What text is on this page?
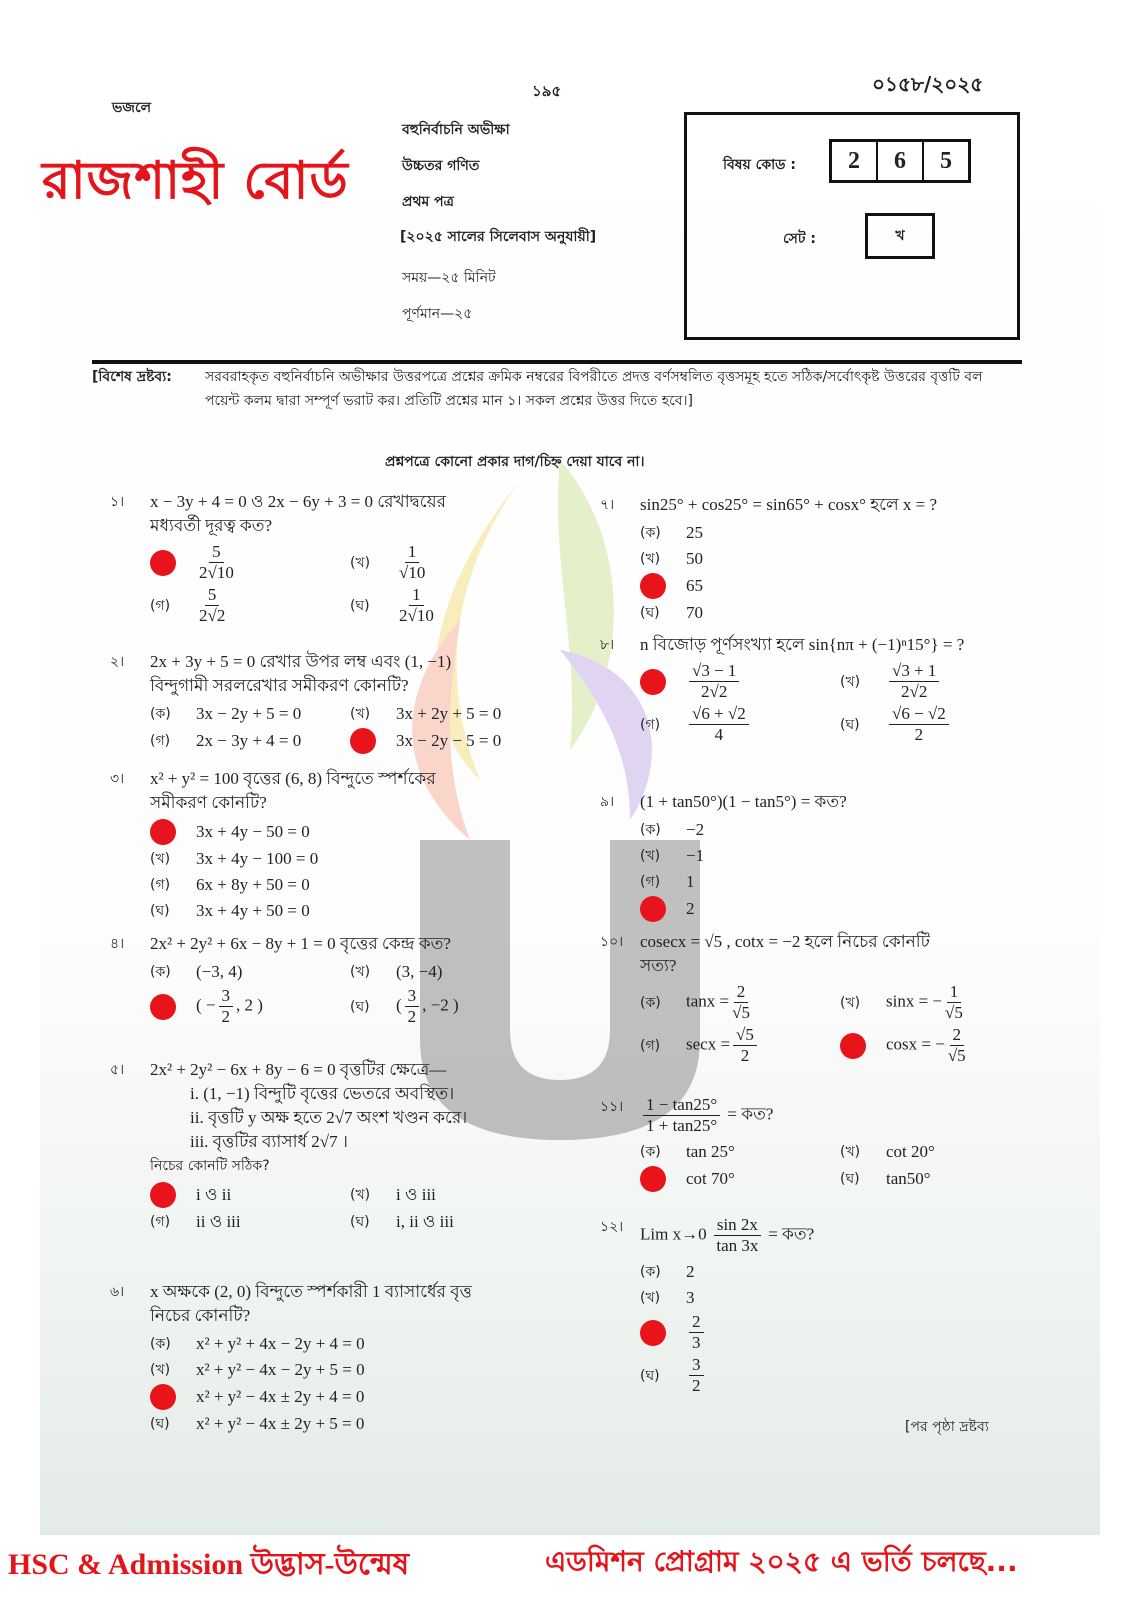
ভজলে
১৯৫
রাজশাহী বোর্ড
বহুনির্বাচনি অভীক্ষা
উচ্চতর গণিত
প্রথম পত্র
[২০২৫ সালের সিলেবাস অনুযায়ী]
সময়—২৫ মিনিট
পূর্ণমান—২৫
০১৫৮/২০২৫
বিষয় কোড :	2	6	5
সেট :	খ
[বিশেষ দ্রষ্টব্য: সরবরাহকৃত বহুনির্বাচনি অভীক্ষার উত্তরপত্রে প্রশ্নের ক্রমিক নম্বরের বিপরীতে প্রদত্ত বর্ণসম্বলিত বৃত্তসমূহ হতে সঠিক/সর্বোৎকৃষ্ট উত্তরের বৃত্তটি বল পয়েন্ট কলম দ্বারা সম্পূর্ণ ভরাট কর। প্রতিটি প্রশ্নের মান ১। সকল প্রশ্নের উত্তর দিতে হবে।]
প্রশ্নপত্রে কোনো প্রকার দাগ/চিহ্ন দেয়া যাবে না।
১। x − 3y + 4 = 0 ও 2x − 6y + 3 = 0 রেখাদ্বয়ের
মধ্যবর্তী দূরত্ব কত?
$\frac{5}{2√10}$	(খ)	$\frac{1}{√10}$
(গ)	$\frac{5}{2√2}$	(ঘ)	$\frac{1}{2√10}$
২। 2x + 3y + 5 = 0 রেখার উপর লম্ব এবং (1, −1)
বিন্দুগামী সরলরেখার সমীকরণ কোনটি?
(ক)	3x − 2y + 5 = 0	(খ)	3x + 2y + 5 = 0
(গ)	2x − 3y + 4 = 0	3x − 2y − 5 = 0
৩। x² + y² = 100 বৃত্তের (6, 8) বিন্দুতে স্পর্শকের
সমীকরণ কোনটি?
3x + 4y − 50 = 0
(খ)	3x + 4y − 100 = 0
(গ)	6x + 8y + 50 = 0
(ঘ)	3x + 4y + 50 = 0
৪। 2x² + 2y² + 6x − 8y + 1 = 0 বৃত্তের কেন্দ্র কত?
(ক)	(−3, 4)	(খ)	(3, −4)
( − $\frac{3}{2}$ , 2 )	(ঘ)	( $\frac{3}{2}$ , −2 )
৫। 2x² + 2y² − 6x + 8y − 6 = 0 বৃত্তটির ক্ষেত্রে—
i. (1, −1) বিন্দুটি বৃত্তের ভেতরে অবস্থিত।
ii. বৃত্তটি y অক্ষ হতে 2√7 অংশ খণ্ডন করে।
iii. বৃত্তটির ব্যাসার্ধ 2√7 ।
নিচের কোনটি সঠিক?
i ও ii	(খ)	i ও iii
(গ)	ii ও iii	(ঘ)	i, ii ও iii
৬। x অক্ষকে (2, 0) বিন্দুতে স্পর্শকারী 1 ব্যাসার্ধের বৃত্ত
নিচের কোনটি?
(ক)	x² + y² + 4x − 2y + 4 = 0
(খ)	x² + y² − 4x − 2y + 5 = 0
x² + y² − 4x ± 2y + 4 = 0
(ঘ)	x² + y² − 4x ± 2y + 5 = 0
৭। sin25° + cos25° = sin65° + cosx° হলে x = ?
(ক)	25
(খ)	50
65
(ঘ)	70
৮। n বিজোড় পূর্ণসংখ্যা হলে sin{nπ + (−1)ⁿ15°} = ?
$\frac{√3 - 1}{2√2}$	(খ)	$\frac{√3 + 1}{2√2}$
(গ)	$\frac{√6 + √2}{4}$	(ঘ)	$\frac{√6 - √2}{2}$
৯। (1 + tan50°)(1 − tan5°) = কত?
(ক)	−2
(খ)	−1
(গ)	1
2
১০। cosecx = √5 , cotx = −2 হলে নিচের কোনটি
সত্য?
(ক)	$\tan x = \frac{2}{√5}$	(খ)	sinx = − $\frac{1}{√5}$
(গ)	$\sec x = \frac{√5}{2}$	cosx = − $\frac{2}{√5}$
১১। $\frac{1 - \tan 25^\circ}{1 + \tan 25^\circ}$ = কত?
(ক)	tan 25°	(খ)	cot 20°
cot 70°	(ঘ)	tan50°
১২। Lim $x\to 0 \frac{\sin 2x}{\tan 3x}$ = কত?
(ক)	2
(খ)	3
$\frac{2}{3}$
(ঘ)	$\frac{3}{2}$
[পর পৃষ্ঠা দ্রষ্টব্য
HSC & Admission উদ্ভাস-উন্মেষ	এডমিশন প্রোগ্রাম ২০২৫ এ ভর্তি চলছে...
